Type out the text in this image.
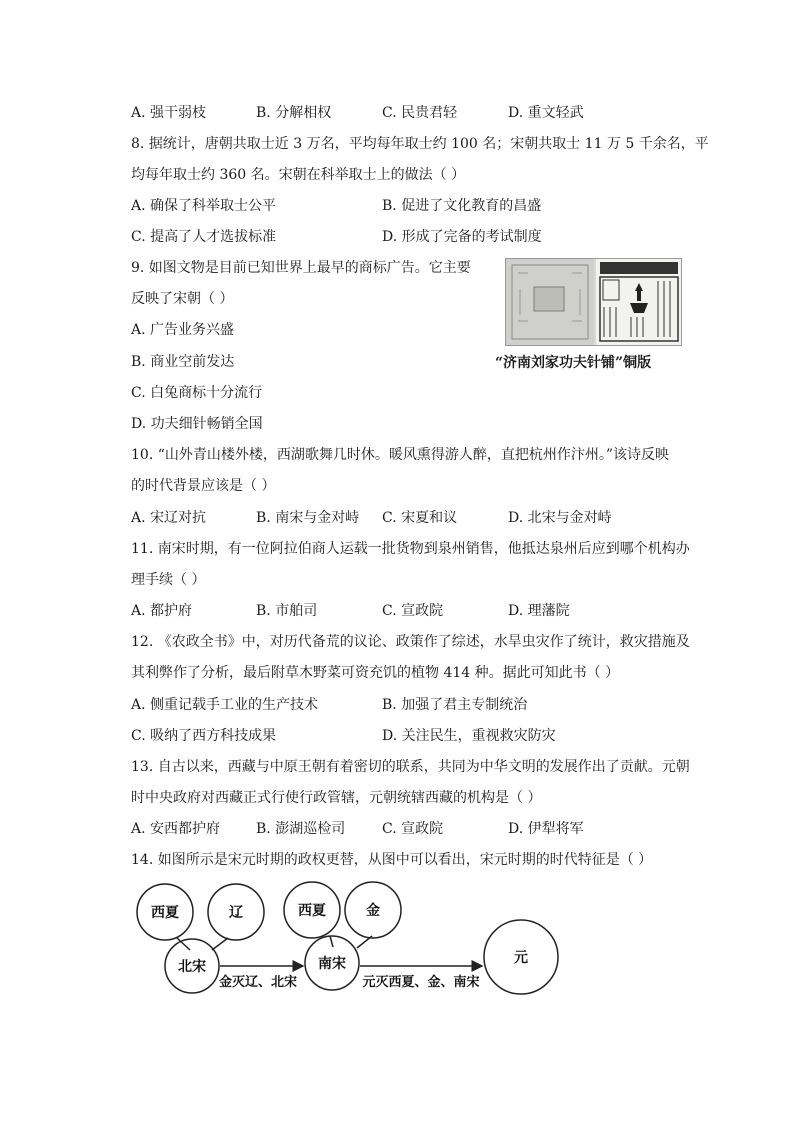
A. 强干弱枝	B. 分解相权	C. 民贵君轻	D. 重文轻武
8. 据统计，唐朝共取士近 3 万名，平均每年取士约 100 名；宋朝共取士 11 万 5 千余名，平
均每年取士约 360 名。宋朝在科举取士上的做法（ ）
A. 确保了科举取士公平	B. 促进了文化教育的昌盛
C. 提高了人才选拔标准	D. 形成了完备的考试制度
9. 如图文物是目前已知世界上最早的商标广告。它主要
反映了宋朝（ ）
A. 广告业务兴盛
B. 商业空前发达
C. 白兔商标十分流行
D. 功夫细针畅销全国
“济南刘家功夫针铺”铜版
10. “山外青山楼外楼，西湖歌舞几时休。暖风熏得游人醉，直把杭州作汴州。”该诗反映
的时代背景应该是（ ）
A. 宋辽对抗	B. 南宋与金对峙 C. 宋夏和议	D. 北宋与金对峙
11. 南宋时期，有一位阿拉伯商人运载一批货物到泉州销售，他抵达泉州后应到哪个机构办
理手续（ ）
A. 都护府	B. 市舶司	C. 宣政院	D. 理藩院
12. 《农政全书》中，对历代备荒的议论、政策作了综述，水旱虫灾作了统计，救灾措施及
其利弊作了分析，最后附草木野菜可资充饥的植物 414 种。据此可知此书（ ）
A. 侧重记载手工业的生产技术	B. 加强了君主专制统治
C. 吸纳了西方科技成果	D. 关注民生，重视救灾防灾
13. 自古以来，西藏与中原王朝有着密切的联系，共同为中华文明的发展作出了贡献。元朝
时中央政府对西藏正式行使行政管辖，元朝统辖西藏的机构是（ ）
A. 安西都护府	B. 澎湖巡检司	C. 宣政院	D. 伊犁将军
14. 如图所示是宋元时期的政权更替，从图中可以看出，宋元时期的时代特征是（ ）
西夏	辽
北宋
西夏	金
南宋	元
金灭辽、北宋	元灭西夏、金、南宋
